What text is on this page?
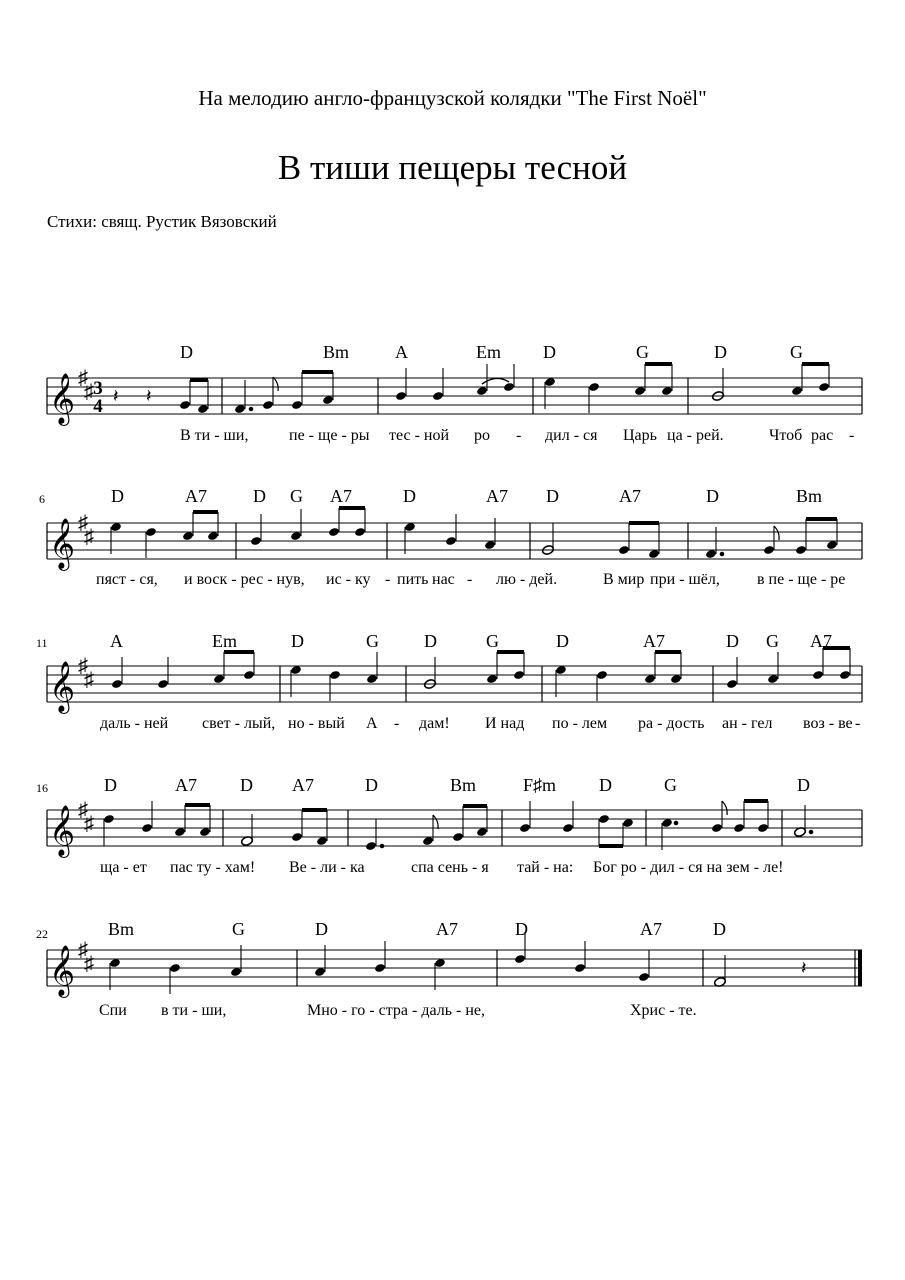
На мелодию англо-французской колядки "The First Noël"
В тиши пещеры тесной
Стихи: свящ. Рустик Вязовский
𝄞 ♯
♯ 3
4 𝄽 𝄽
𝄞 ♯
♯
𝄞 ♯
♯
𝄞 ♯
♯
𝄞 ♯
♯	𝄽
6
11
16
22
D	Bm	A	Em D	G	D	G
D	A7	D G A7	D	A7 D	A7	D	Bm
A	Em	D	G	D	G	D	A7	D G A7
D	A7 D A7	D	Bm	F♯m D	G	D
Bm	G	D	A7	D	A7	D
В ти - ши,	пе - ще - ры тес - ной ро - дил - ся Царь ца - рей.	Чтоб рас -
пяст - ся, и воск - рес - нув, ис - ку - пить нас - лю - дей.	В мир при - шёл, в пе - ще - ре
даль - ней свет - лый, но - вый А - дам! И над по - лем ра - дость ан - гел воз - ве -
ща - ет пас ту - хам! Ве - ли - ка	спа сень - я тай - на: Бог ро - дил - ся на зем - ле!
Спи в ти - ши,	Мно - го - стра - даль - не,	Хрис - те.
